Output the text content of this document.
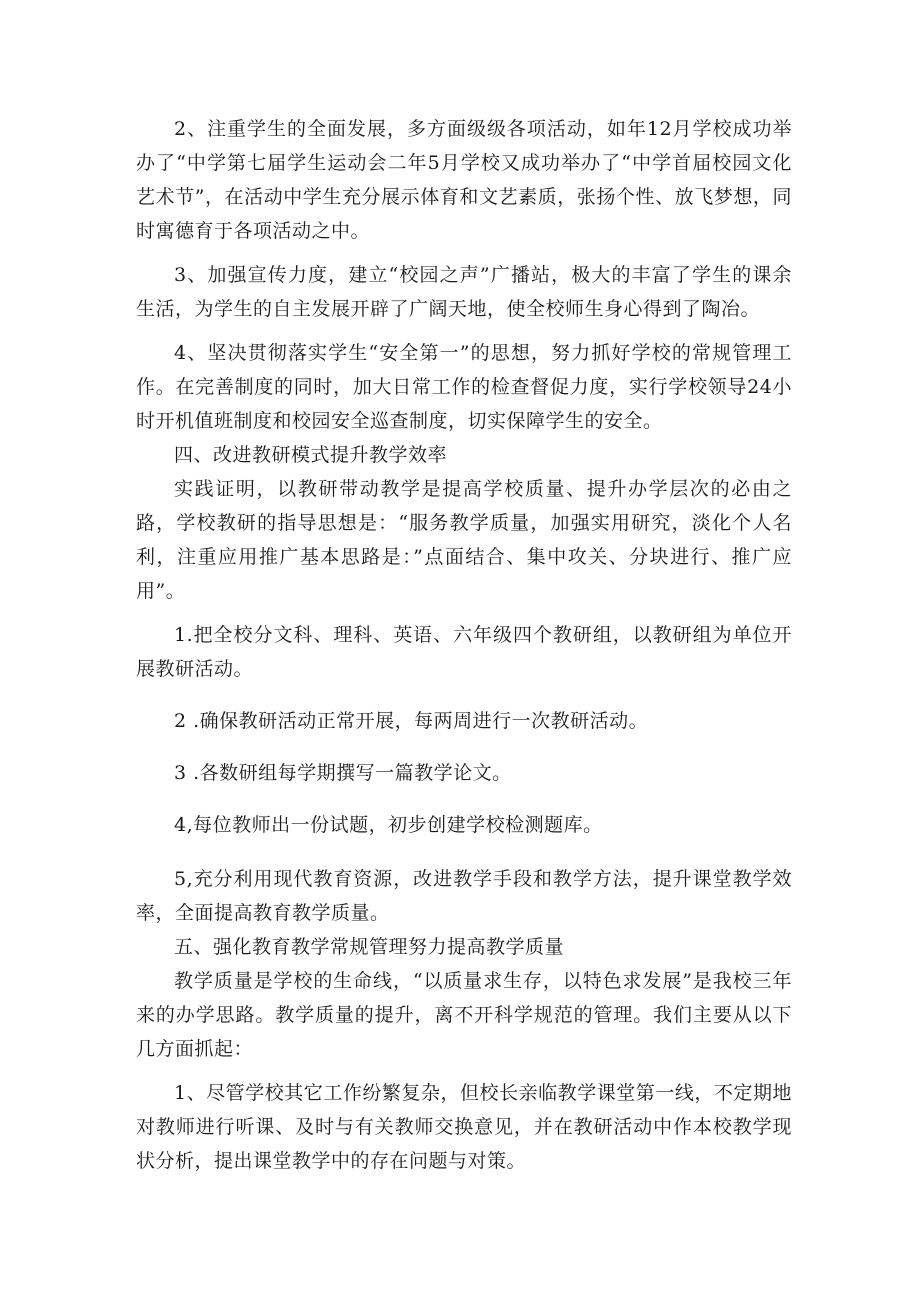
2、注重学生的全面发展，多方面级级各项活动，如年12月学校成功举办了“中学第七届学生运动会二年5月学校又成功举办了“中学首届校园文化艺术节”，在活动中学生充分展示体育和文艺素质，张扬个性、放飞梦想，同时寓德育于各项活动之中。

3、加强宣传力度，建立“校园之声”广播站，极大的丰富了学生的课余生活，为学生的自主发展开辟了广阔天地，使全校师生身心得到了陶冶。

4、坚决贯彻落实学生“安全第一”的思想，努力抓好学校的常规管理工作。在完善制度的同时，加大日常工作的检查督促力度，实行学校领导24小时开机值班制度和校园安全巡查制度，切实保障学生的安全。

四、改进教研模式提升教学效率

实践证明，以教研带动教学是提高学校质量、提升办学层次的必由之路，学校教研的指导思想是：“服务教学质量，加强实用研究，淡化个人名利，注重应用推广基本思路是：”点面结合、集中攻关、分块进行、推广应用”。

1.把全校分文科、理科、英语、六年级四个教研组，以教研组为单位开展教研活动。

2 .确保教研活动正常开展，每两周进行一次教研活动。

3 .各数研组每学期撰写一篇教学论文。

4,每位教师出一份试题，初步创建学校检测题库。

5,充分利用现代教育资源，改进教学手段和教学方法，提升课堂教学效率，全面提高教育教学质量。

五、强化教育教学常规管理努力提高教学质量

教学质量是学校的生命线，“以质量求生存，以特色求发展”是我校三年来的办学思路。教学质量的提升，离不开科学规范的管理。我们主要从以下几方面抓起：

1、尽管学校其它工作纷繁复杂，但校长亲临教学课堂第一线，不定期地对教师进行听课、及时与有关教师交换意见，并在教研活动中作本校教学现状分析，提出课堂教学中的存在问题与对策。
